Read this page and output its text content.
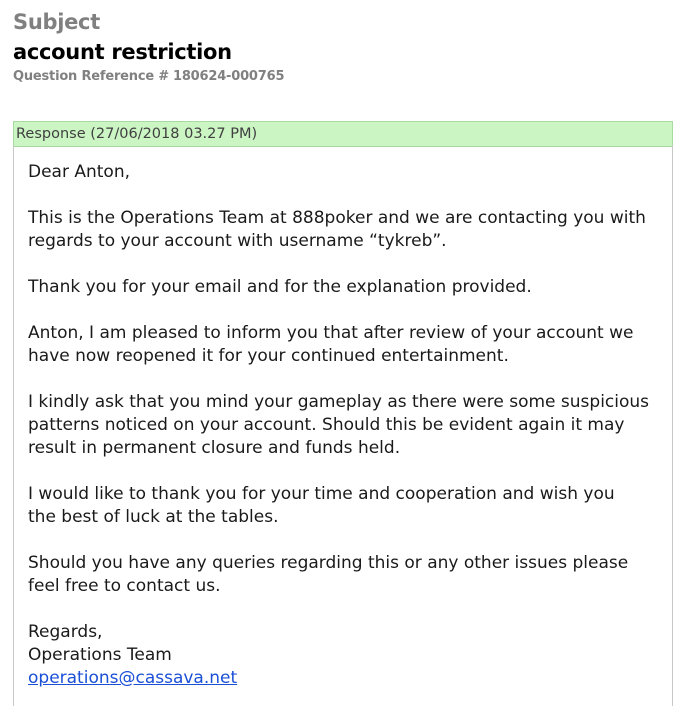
Subject
account restriction
Question Reference # 180624-000765
Response (27/06/2018 03.27 PM)

Dear Anton,

This is the Operations Team at 888poker and we are contacting you with
regards to your account with username “tykreb”.

Thank you for your email and for the explanation provided.

Anton, I am pleased to inform you that after review of your account we
have now reopened it for your continued entertainment.

I kindly ask that you mind your gameplay as there were some suspicious
patterns noticed on your account. Should this be evident again it may
result in permanent closure and funds held.

I would like to thank you for your time and cooperation and wish you
the best of luck at the tables.

Should you have any queries regarding this or any other issues please
feel free to contact us.

Regards,
Operations Team
operations@cassava.net
